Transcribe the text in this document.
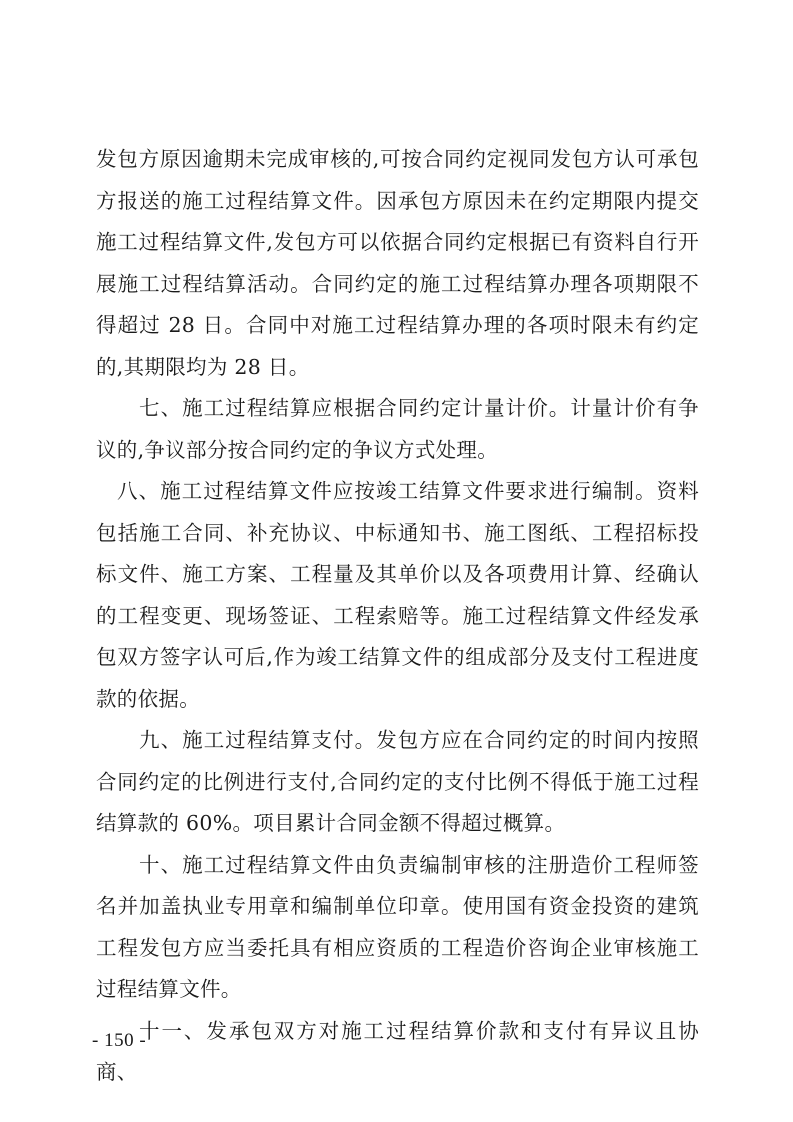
发包方原因逾期未完成审核的,可按合同约定视同发包方认可承包方报送的施工过程结算文件。因承包方原因未在约定期限内提交施工过程结算文件,发包方可以依据合同约定根据已有资料自行开展施工过程结算活动。合同约定的施工过程结算办理各项期限不得超过 28 日。合同中对施工过程结算办理的各项时限未有约定的,其期限均为 28 日。

七、施工过程结算应根据合同约定计量计价。计量计价有争议的,争议部分按合同约定的争议方式处理。

八、施工过程结算文件应按竣工结算文件要求进行编制。资料包括施工合同、补充协议、中标通知书、施工图纸、工程招标投标文件、施工方案、工程量及其单价以及各项费用计算、经确认的工程变更、现场签证、工程索赔等。施工过程结算文件经发承包双方签字认可后,作为竣工结算文件的组成部分及支付工程进度款的依据。

九、施工过程结算支付。发包方应在合同约定的时间内按照合同约定的比例进行支付,合同约定的支付比例不得低于施工过程结算款的 60%。项目累计合同金额不得超过概算。

十、施工过程结算文件由负责编制审核的注册造价工程师签名并加盖执业专用章和编制单位印章。使用国有资金投资的建筑工程发包方应当委托具有相应资质的工程造价咨询企业审核施工过程结算文件。

十一、发承包双方对施工过程结算价款和支付有异议且协商、

- 150 -
